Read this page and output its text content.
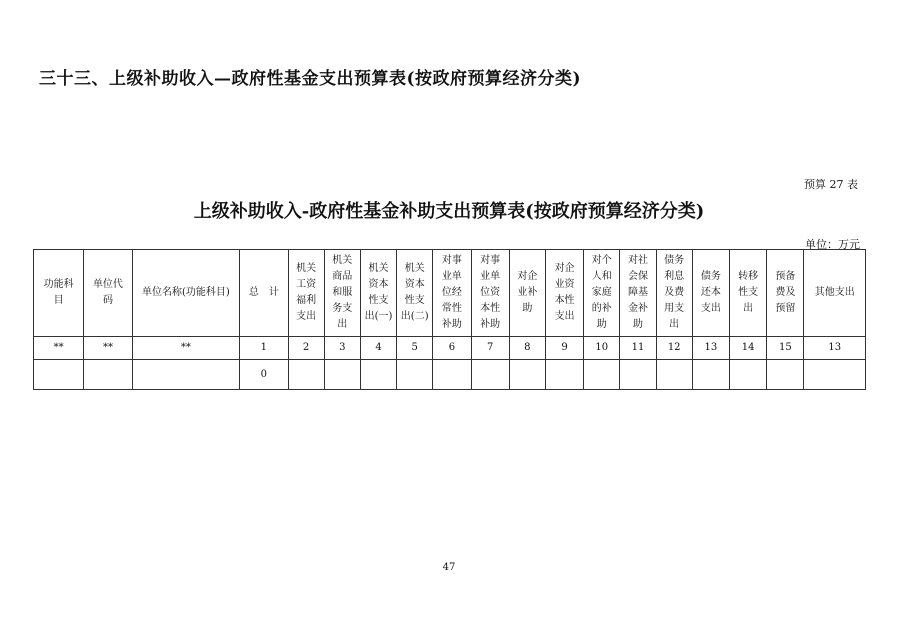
三十三、上级补助收入—政府性基金支出预算表(按政府预算经济分类)
预算 27 表
上级补助收入-政府性基金补助支出预算表(按政府预算经济分类)
单位：万元
功能科目	单位代码	单位名称(功能科目)	总　计	机关工资福利支出	机关商品和服务支出	机关资本性支出(一)	机关资本性支出(二)	对事业单位经常性补助	对事业单位资本性补助	对企业补助	对企业资本性支出	对个人和家庭的补助	对社会保障基金补助	债务利息及费用支出	债务还本支出	转移性支出	预备费及预留	其他支出

**	**	**	1	2	3	4	5	6	7	8	9	10	11	12	13	14	15	13
			0															
47
